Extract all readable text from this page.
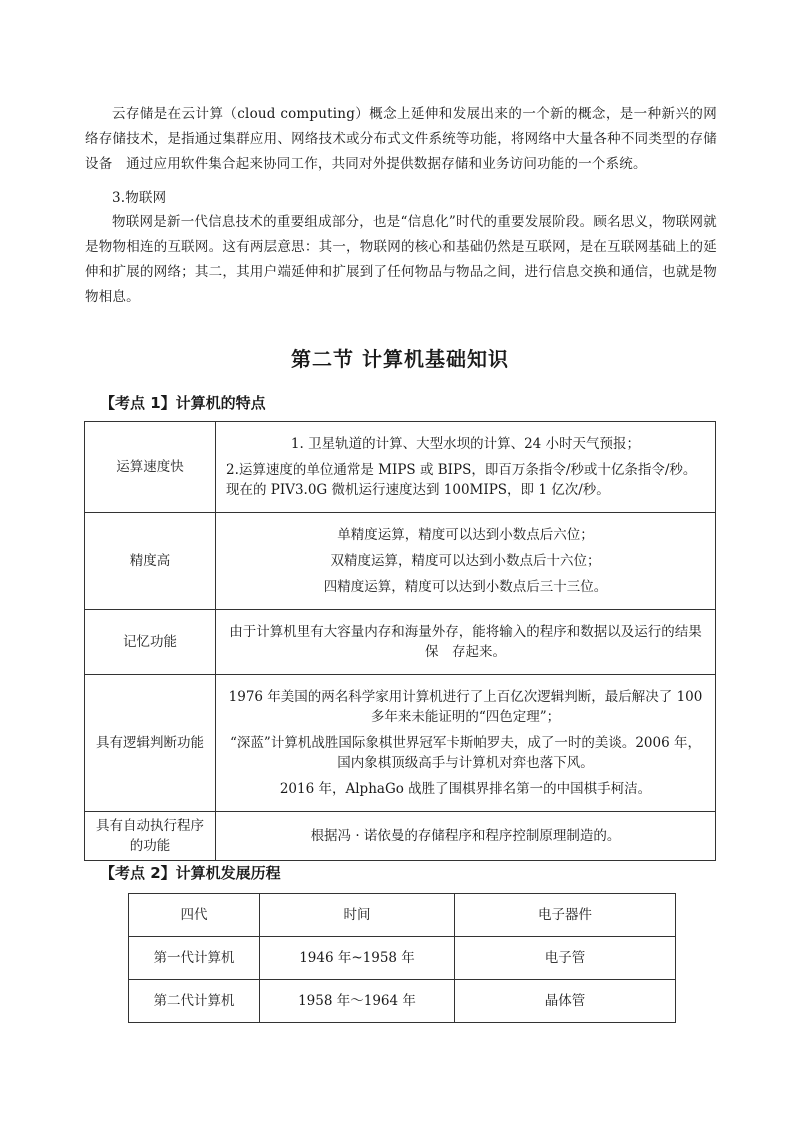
云存储是在云计算（cloud computing）概念上延伸和发展出来的一个新的概念，是一种新兴的网络存储技术，是指通过集群应用、网络技术或分布式文件系统等功能，将网络中大量各种不同类型的存储设备　通过应用软件集合起来协同工作，共同对外提供数据存储和业务访问功能的一个系统。

3.物联网

物联网是新一代信息技术的重要组成部分，也是“信息化”时代的重要发展阶段。顾名思义，物联网就是物物相连的互联网。这有两层意思：其一，物联网的核心和基础仍然是互联网，是在互联网基础上的延　伸和扩展的网络；其二，其用户端延伸和扩展到了任何物品与物品之间，进行信息交换和通信，也就是物　物相息。

第二节 计算机基础知识
【考点 1】计算机的特点
运算速度快	1. 卫星轨道的计算、大型水坝的计算、24 小时天气预报；

2.运算速度的单位通常是 MIPS 或 BIPS，即百万条指令/秒或十亿条指令/秒。现在的 PIV3.0G 微机运行速度达到 100MIPS，即 1 亿次/秒。

精度高	单精度运算，精度可以达到小数点后六位；

双精度运算，精度可以达到小数点后十六位；

四精度运算，精度可以达到小数点后三十三位。

记忆功能	由于计算机里有大容量内存和海量外存，能将输入的程序和数据以及运行的结果保　存起来。

具有逻辑判断功能	1976 年美国的两名科学家用计算机进行了上百亿次逻辑判断，最后解决了 100 多年来未能证明的“四色定理”；

“深蓝”计算机战胜国际象棋世界冠军卡斯帕罗夫，成了一时的美谈。2006 年，国内象棋顶级高手与计算机对弈也落下风。

2016 年，AlphaGo 战胜了围棋界排名第一的中国棋手柯洁。

具有自动执行程序的功能	根据冯 · 诺依曼的存储程序和程序控制原理制造的。

【考点 2】计算机发展历程
四代	时间	电子器件
第一代计算机	1946 年~1958 年	电子管
第二代计算机	1958 年～1964 年	晶体管
